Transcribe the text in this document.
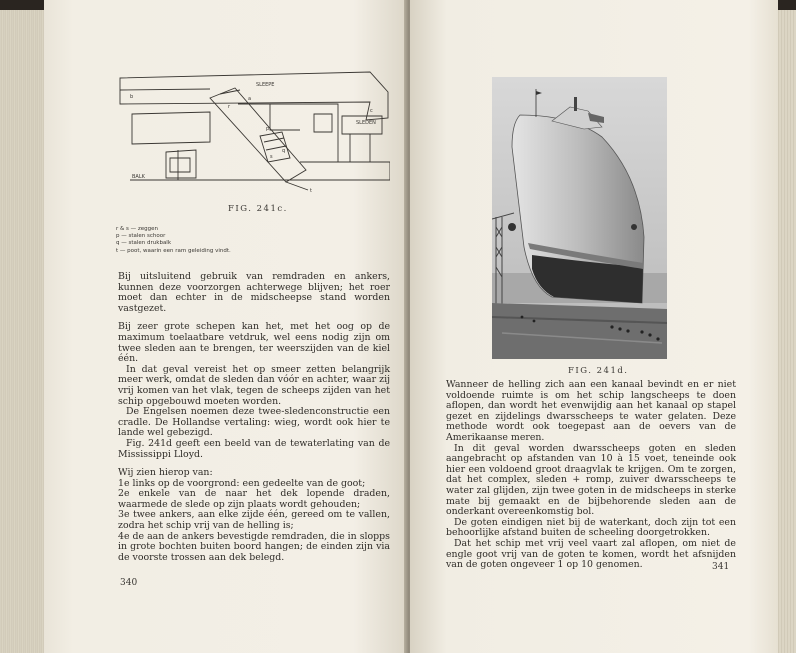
SLEEPE
a
b
c
SLEDEN
p
q
s
r
t
BALK
FIG. 241c.
r & s — zeggen
p — stalen schoor
q — stalen drukbalk
t — poot, waarin een ram geleiding vindt.

Bij uitsluitend gebruik van remdraden en ankers, kunnen deze voorzorgen achterwege blijven; het roer moet dan echter in de midscheepse stand worden vastgezet.

Bij zeer grote schepen kan het, met het oog op de maximum toelaatbare vetdruk, wel eens nodig zijn om twee sleden aan te brengen, ter weerszijden van de kiel één.

In dat geval vereist het op smeer zetten belangrijk meer werk, omdat de sleden dan vóór en achter, waar zij vrij komen van het vlak, tegen de scheeps zijden van het schip opgebouwd moeten worden.

De Engelsen noemen deze twee-sledenconstructie een cradle. De Hollandse vertaling: wieg, wordt ook hier te lande wel gebezigd.

Fig. 241d geeft een beeld van de tewaterlating van de Mississippi Lloyd.

Wij zien hierop van:

1e links op de voorgrond: een gedeelte van de goot;
2e enkele van de naar het dek lopende draden, waarmede de slede op zijn plaats wordt gehouden;
3e twee ankers, aan elke zijde één, gereed om te vallen, zodra het schip vrij van de helling is;
4e de aan de ankers bevestigde remdraden, die in slopps in grote bochten buiten boord hangen; de einden zijn via de voorste trossen aan dek belegd.
340
FIG. 241d.

Wanneer de helling zich aan een kanaal bevindt en er niet voldoende ruimte is om het schip langscheeps te doen aflopen, dan wordt het evenwijdig aan het kanaal op stapel gezet en zijdelings dwarsscheeps te water gelaten. Deze methode wordt ook toegepast aan de oevers van de Amerikaanse meren.

In dit geval worden dwarsscheeps goten en sleden aangebracht op afstanden van 10 à 15 voet, teneinde ook hier een voldoend groot draagvlak te krijgen. Om te zorgen, dat het complex, sleden + romp, zuiver dwarsscheeps te water zal glijden, zijn twee goten in de midscheeps in sterke mate bij gemaakt en de bijbehorende sleden aan de onderkant overeenkomstig bol.

De goten eindigen niet bij de waterkant, doch zijn tot een behoorlijke afstand buiten de scheeling doorgetrokken.

Dat het schip met vrij veel vaart zal aflopen, om niet de engle goot vrij van de goten te komen, wordt het afsnijden van de goten ongeveer 1 op 10 genomen.	341
